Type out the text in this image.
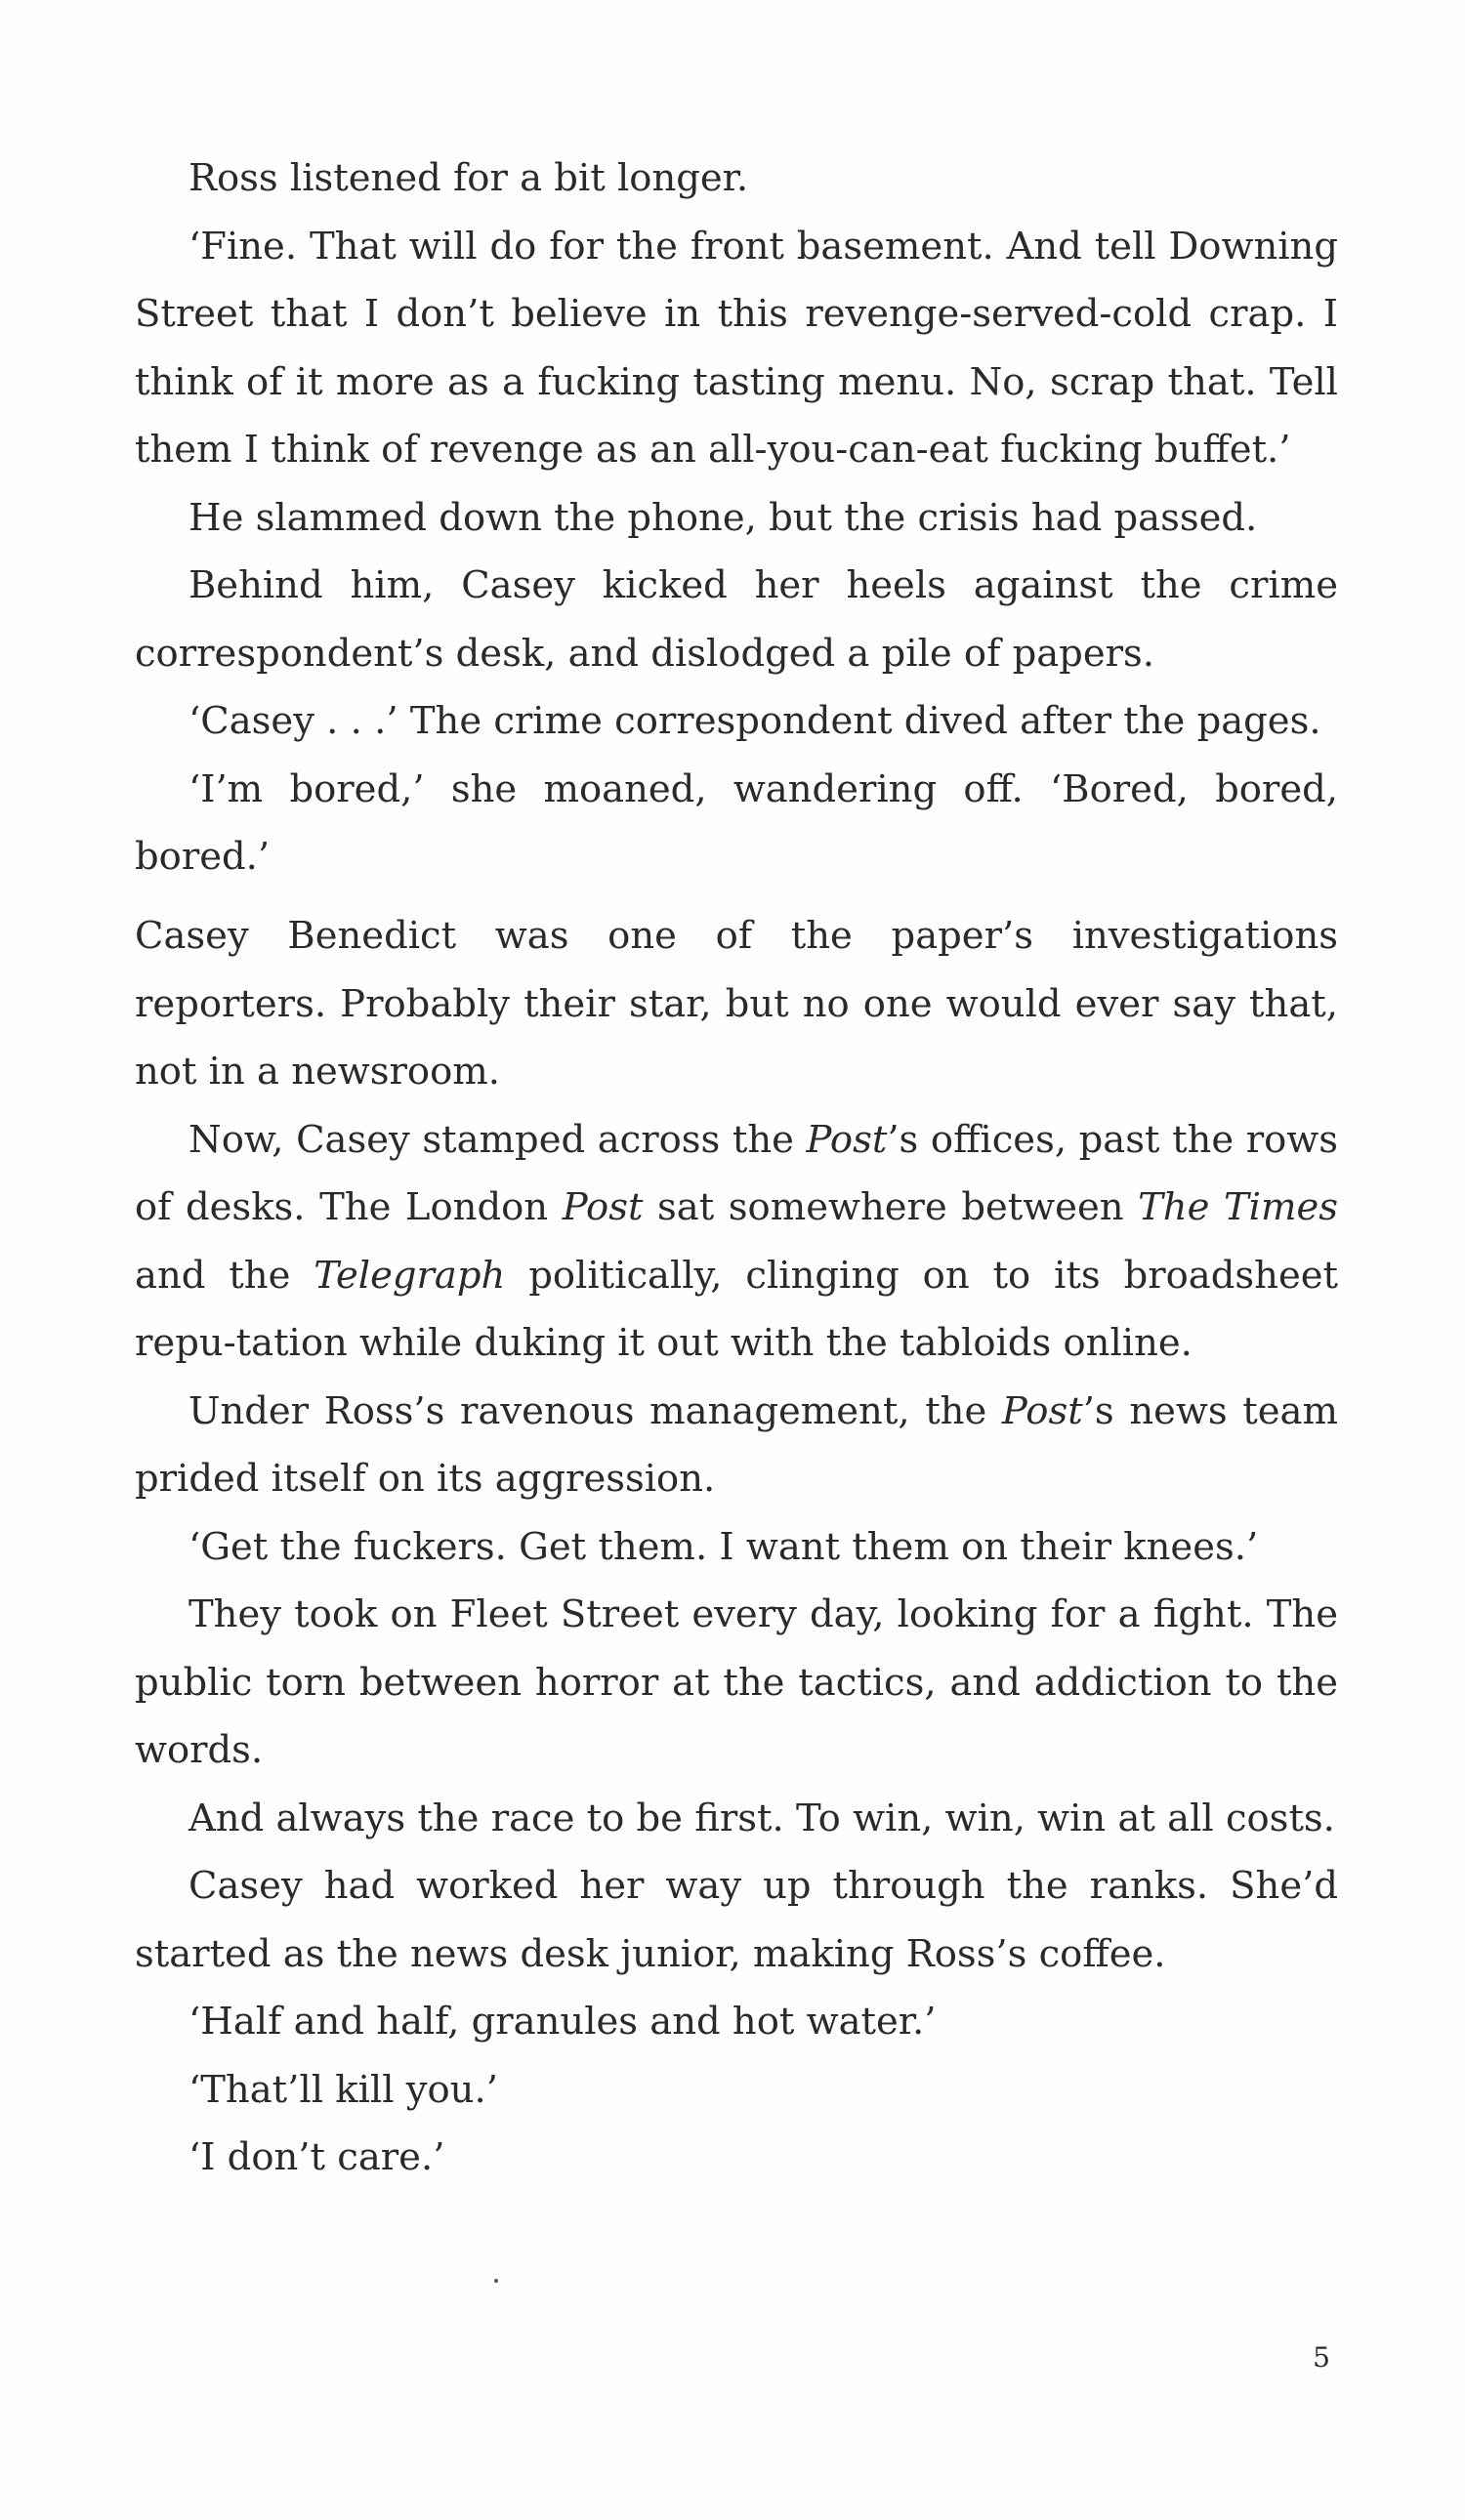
Ross listened for a bit longer.

‘Fine. That will do for the front basement. And tell Downing Street that I don’t believe in this revenge-served-cold crap. I think of it more as a fucking tasting menu. No, scrap that. Tell them I think of revenge as an all-you-can-eat fucking buffet.’

He slammed down the phone, but the crisis had passed.

Behind him, Casey kicked her heels against the crime correspondent’s desk, and dislodged a pile of papers.

‘Casey . . .’ The crime correspondent dived after the pages.

‘I’m bored,’ she moaned, wandering off. ‘Bored, bored, bored.’

Casey Benedict was one of the paper’s investigations reporters. Probably their star, but no one would ever say that, not in a newsroom.

Now, Casey stamped across the Post’s offices, past the rows of desks. The London Post sat somewhere between The Times and the Telegraph politically, clinging on to its broadsheet repu-tation while duking it out with the tabloids online.

Under Ross’s ravenous management, the Post’s news team prided itself on its aggression.

‘Get the fuckers. Get them. I want them on their knees.’

They took on Fleet Street every day, looking for a fight. The public torn between horror at the tactics, and addiction to the words.

And always the race to be first. To win, win, win at all costs.

Casey had worked her way up through the ranks. She’d started as the news desk junior, making Ross’s coffee.

‘Half and half, granules and hot water.’

‘That’ll kill you.’

‘I don’t care.’

5
